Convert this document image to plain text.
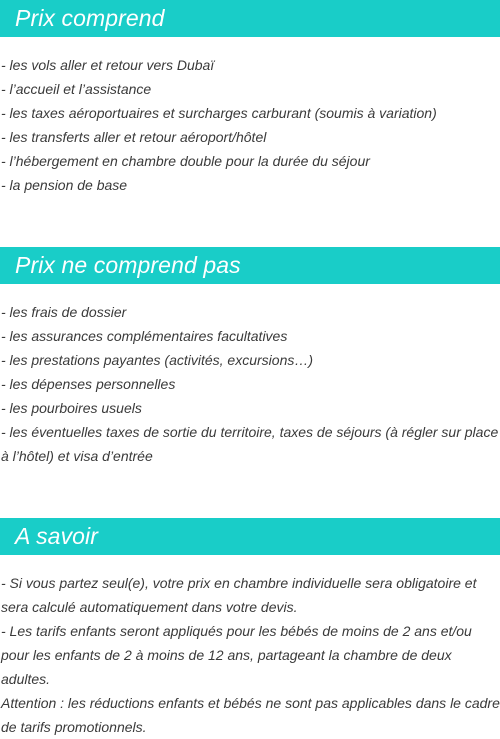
Prix comprend
- les vols aller et retour vers Dubaï
- l’accueil et l’assistance
- les taxes aéroportuaires et surcharges carburant (soumis à variation)
- les transferts aller et retour aéroport/hôtel
- l’hébergement en chambre double pour la durée du séjour
- la pension de base
Prix ne comprend pas
- les frais de dossier
- les assurances complémentaires facultatives
- les prestations payantes (activités, excursions…)
- les dépenses personnelles
- les pourboires usuels
- les éventuelles taxes de sortie du territoire, taxes de séjours (à régler sur place à l’hôtel) et visa d’entrée
A savoir

- Si vous partez seul(e), votre prix en chambre individuelle sera obligatoire et sera calculé automatiquement dans votre devis.

- Les tarifs enfants seront appliqués pour les bébés de moins de 2 ans et/ou pour les enfants de 2 à moins de 12 ans, partageant la chambre de deux adultes.

Attention : les réductions enfants et bébés ne sont pas applicables dans le cadre de tarifs promotionnels.
